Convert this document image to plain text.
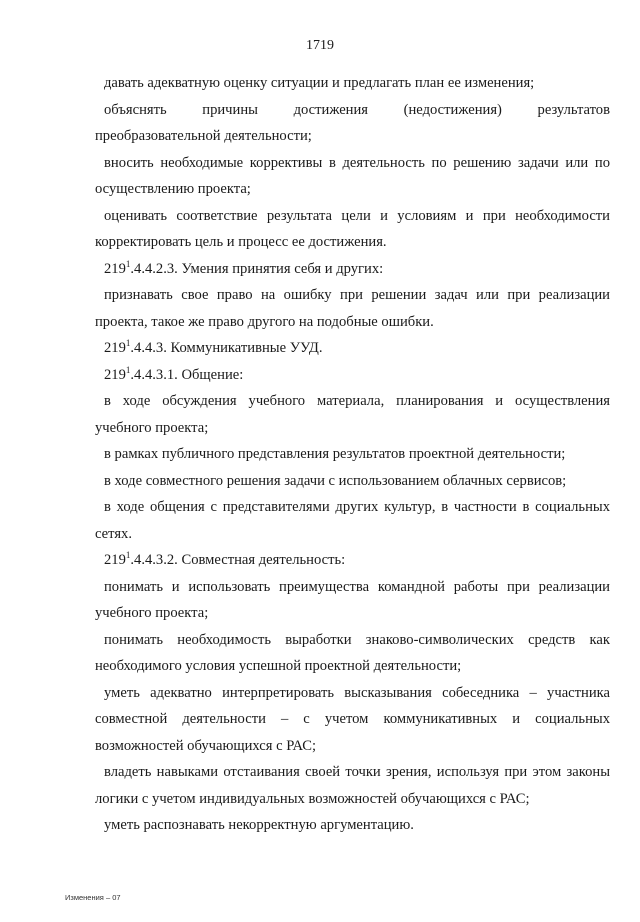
1719

давать адекватную оценку ситуации и предлагать план ее изменения;

объяснять причины достижения (недостижения) результатов преобразовательной деятельности;

вносить необходимые коррективы в деятельность по решению задачи или по осуществлению проекта;

оценивать соответствие результата цели и условиям и при необходимости корректировать цель и процесс ее достижения.

$219^1.4.4.2.3$. Умения принятия себя и других:

признавать свое право на ошибку при решении задач или при реализации проекта, такое же право другого на подобные ошибки.

$219^1.4.4.3$. Коммуникативные УУД.

$219^1.4.4.3.1$. Общение:

в ходе обсуждения учебного материала, планирования и осуществления учебного проекта;

в рамках публичного представления результатов проектной деятельности;

в ходе совместного решения задачи с использованием облачных сервисов;

в ходе общения с представителями других культур, в частности в социальных сетях.

$219^1.4.4.3.2$. Совместная деятельность:

понимать и использовать преимущества командной работы при реализации учебного проекта;

понимать необходимость выработки знаково-символических средств как необходимого условия успешной проектной деятельности;

уметь адекватно интерпретировать высказывания собеседника – участника совместной деятельности – с учетом коммуникативных и социальных возможностей обучающихся с РАС;

владеть навыками отстаивания своей точки зрения, используя при этом законы логики с учетом индивидуальных возможностей обучающихся с РАС;

уметь распознавать некорректную аргументацию.

Изменения – 07
